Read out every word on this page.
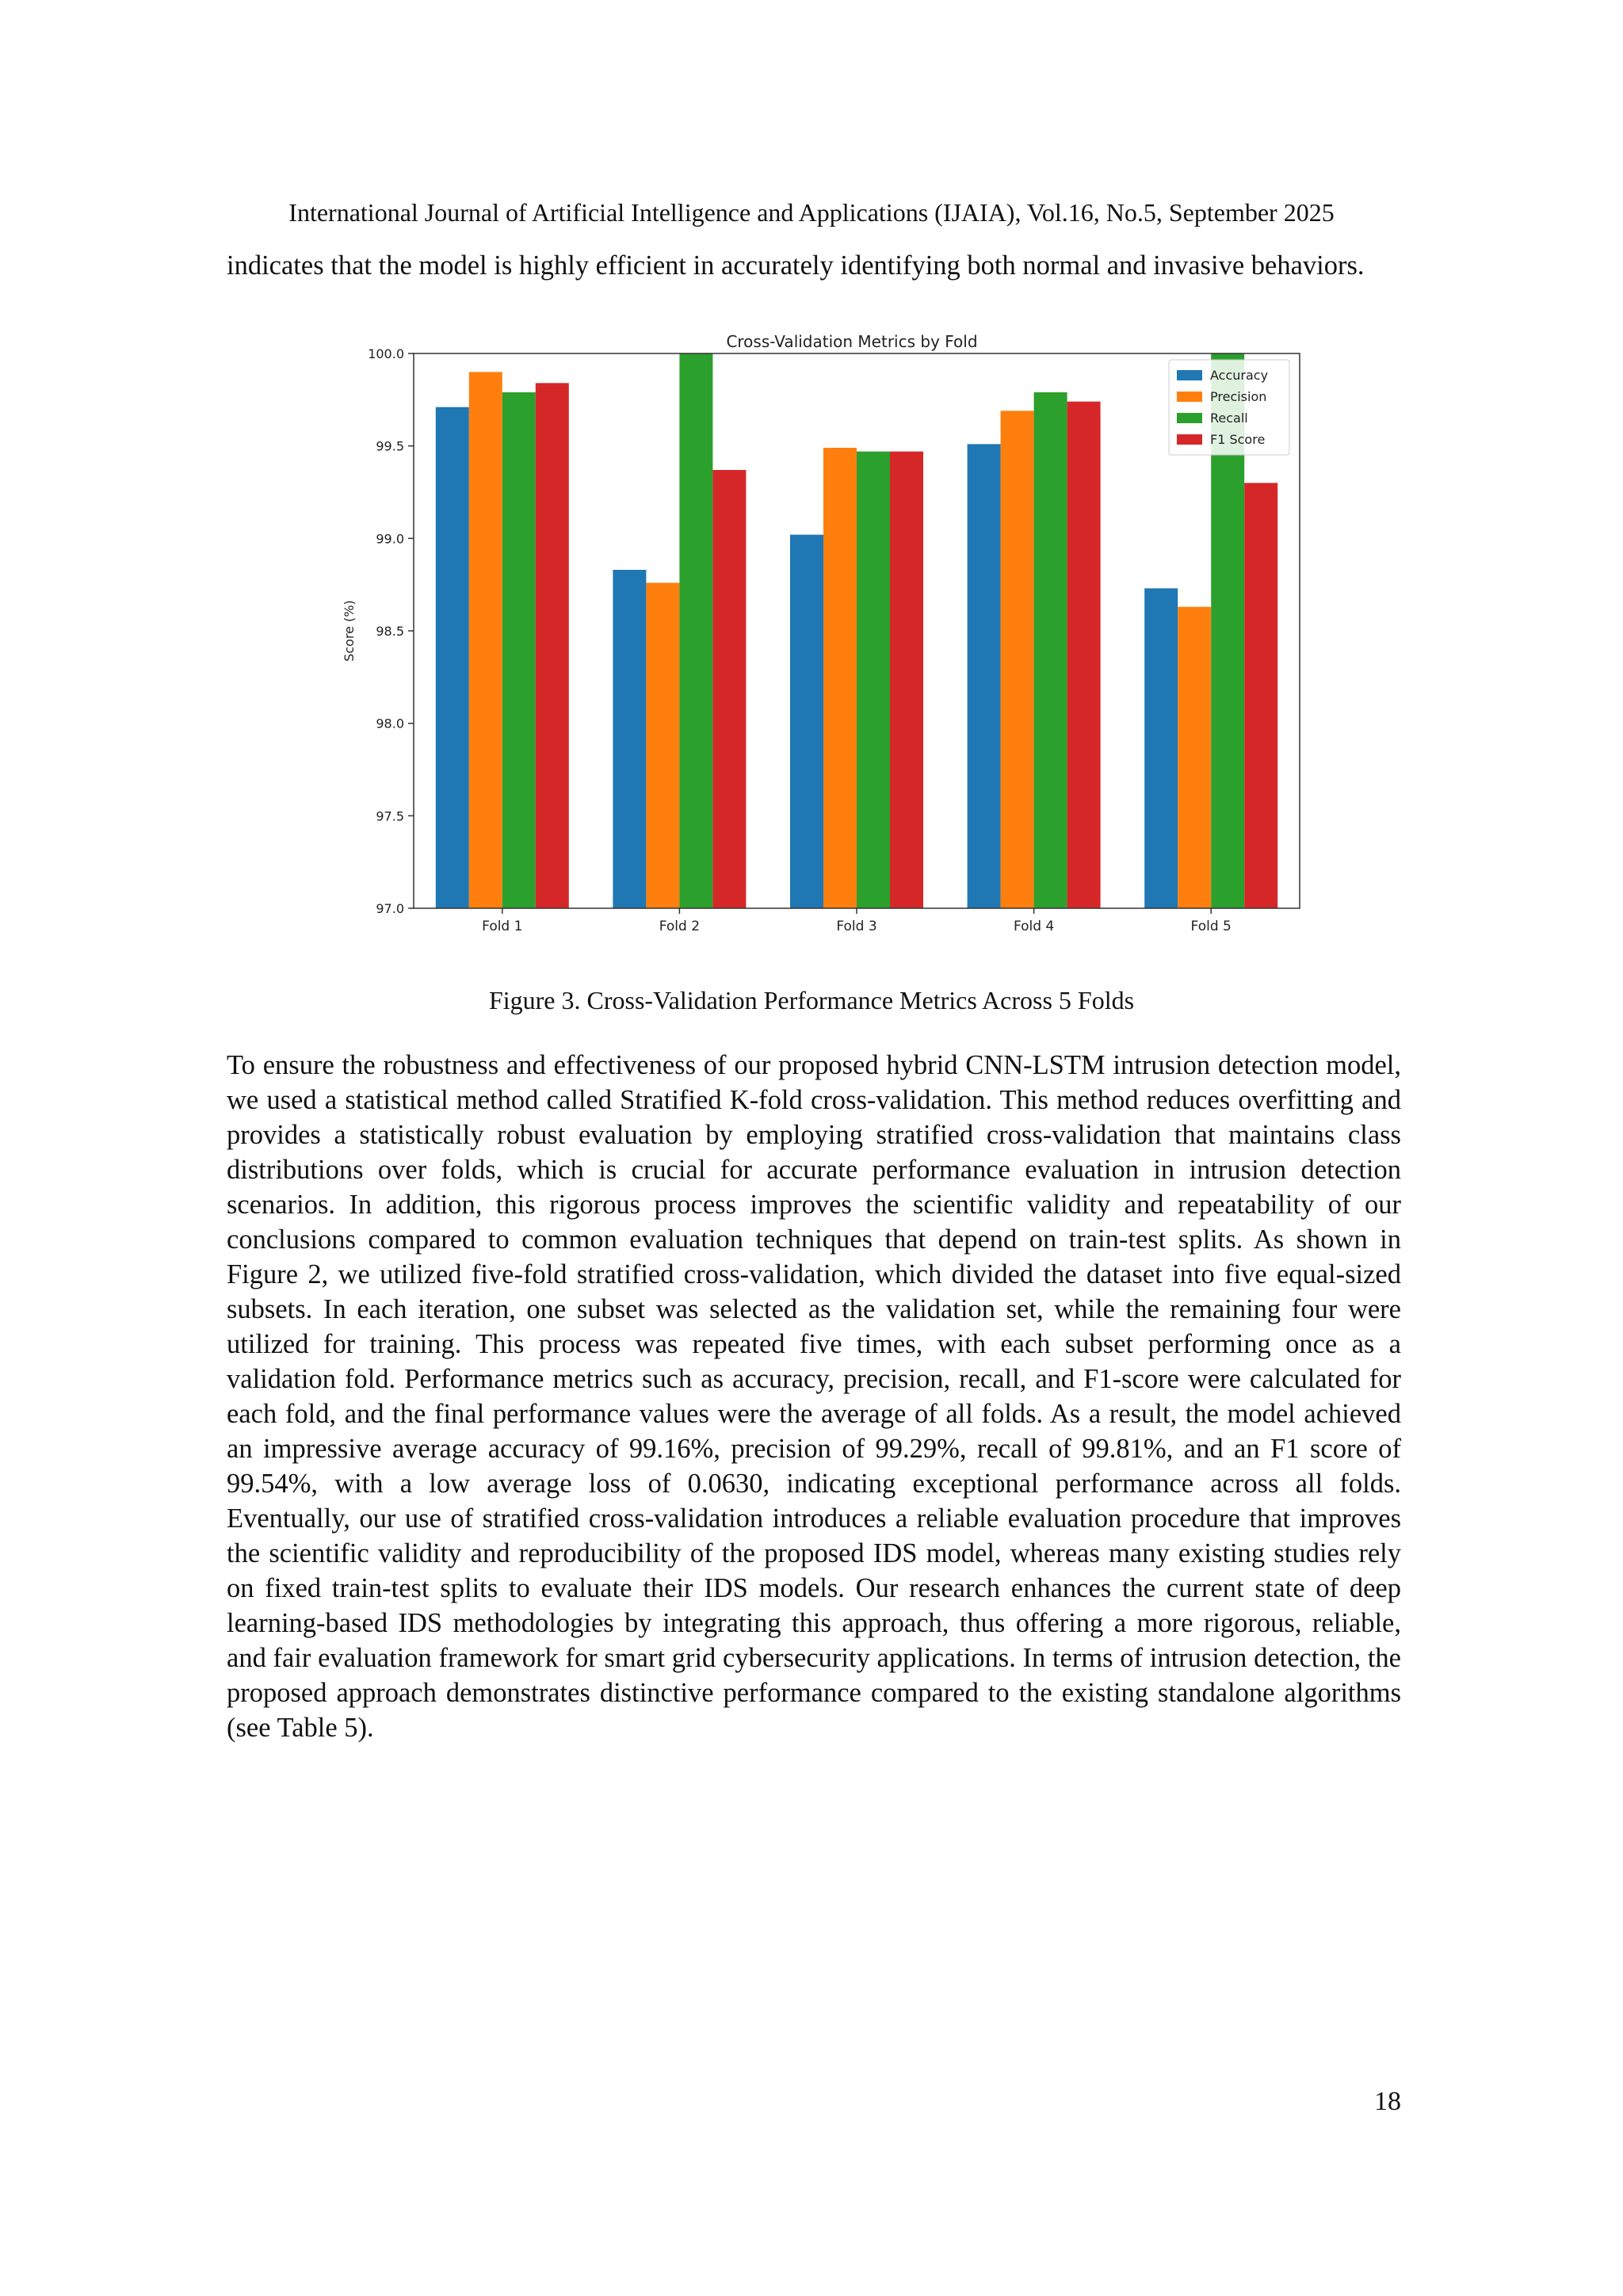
International Journal of Artificial Intelligence and Applications (IJAIA), Vol.16, No.5, September 2025

indicates that the model is highly efficient in accurately identifying both normal and invasive behaviors.

Cross-Validation Metrics by Fold
97.0
97.5
98.0
98.5
99.0
99.5
100.0
Fold 1	Fold 2	Fold 3	Fold 4	Fold 5
Score (%)
Accuracy
Precision
Recall
F1 Score
Figure 3. Cross-Validation Performance Metrics Across 5 Folds

To ensure the robustness and effectiveness of our proposed hybrid CNN-LSTM intrusion detection model, we used a statistical method called Stratified K-fold cross-validation. This method reduces overfitting and provides a statistically robust evaluation by employing stratified cross-validation that maintains class distributions over folds, which is crucial for accurate performance evaluation in intrusion detection scenarios. In addition, this rigorous process improves the scientific validity and repeatability of our conclusions compared to common evaluation techniques that depend on train-test splits. As shown in Figure 2, we utilized five-fold stratified cross-validation, which divided the dataset into five equal-sized subsets. In each iteration, one subset was selected as the validation set, while the remaining four were utilized for training. This process was repeated five times, with each subset performing once as a validation fold. Performance metrics such as accuracy, precision, recall, and F1-score were calculated for each fold, and the final performance values were the average of all folds. As a result, the model achieved an impressive average accuracy of 99.16%, precision of 99.29%, recall of 99.81%, and an F1 score of 99.54%, with a low average loss of 0.0630, indicating exceptional performance across all folds. Eventually, our use of stratified cross-validation introduces a reliable evaluation procedure that improves the scientific validity and reproducibility of the proposed IDS model, whereas many existing studies rely on fixed train-test splits to evaluate their IDS models. Our research enhances the current state of deep learning-based IDS methodologies by integrating this approach, thus offering a more rigorous, reliable, and fair evaluation framework for smart grid cybersecurity applications. In terms of intrusion detection, the proposed approach demonstrates distinctive performance compared to the existing standalone algorithms (see Table 5).

18
